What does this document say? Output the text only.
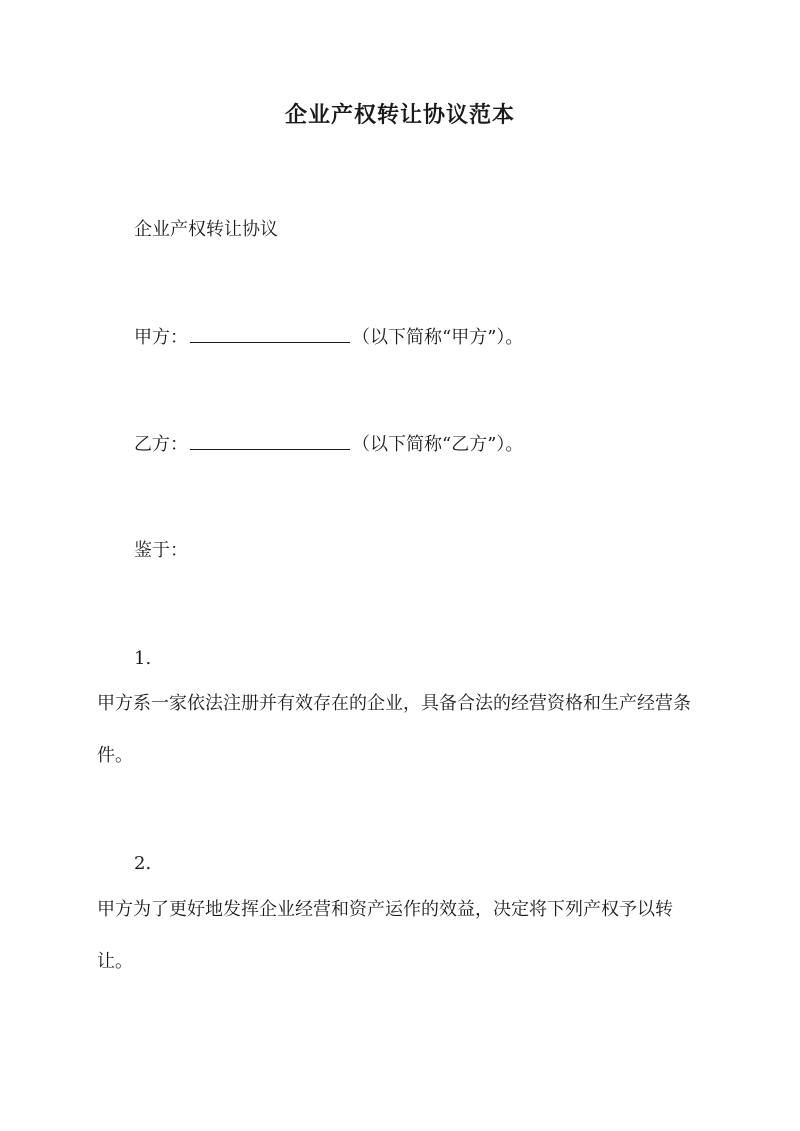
企业产权转让协议范本
企业产权转让协议
甲方：	（以下简称“甲方”）。
乙方：	（以下简称“乙方”）。
鉴于：
1.
甲方系一家依法注册并有效存在的企业，具备合法的经营资格和生产经营条件。
2.
甲方为了更好地发挥企业经营和资产运作的效益，决定将下列产权予以转让。
